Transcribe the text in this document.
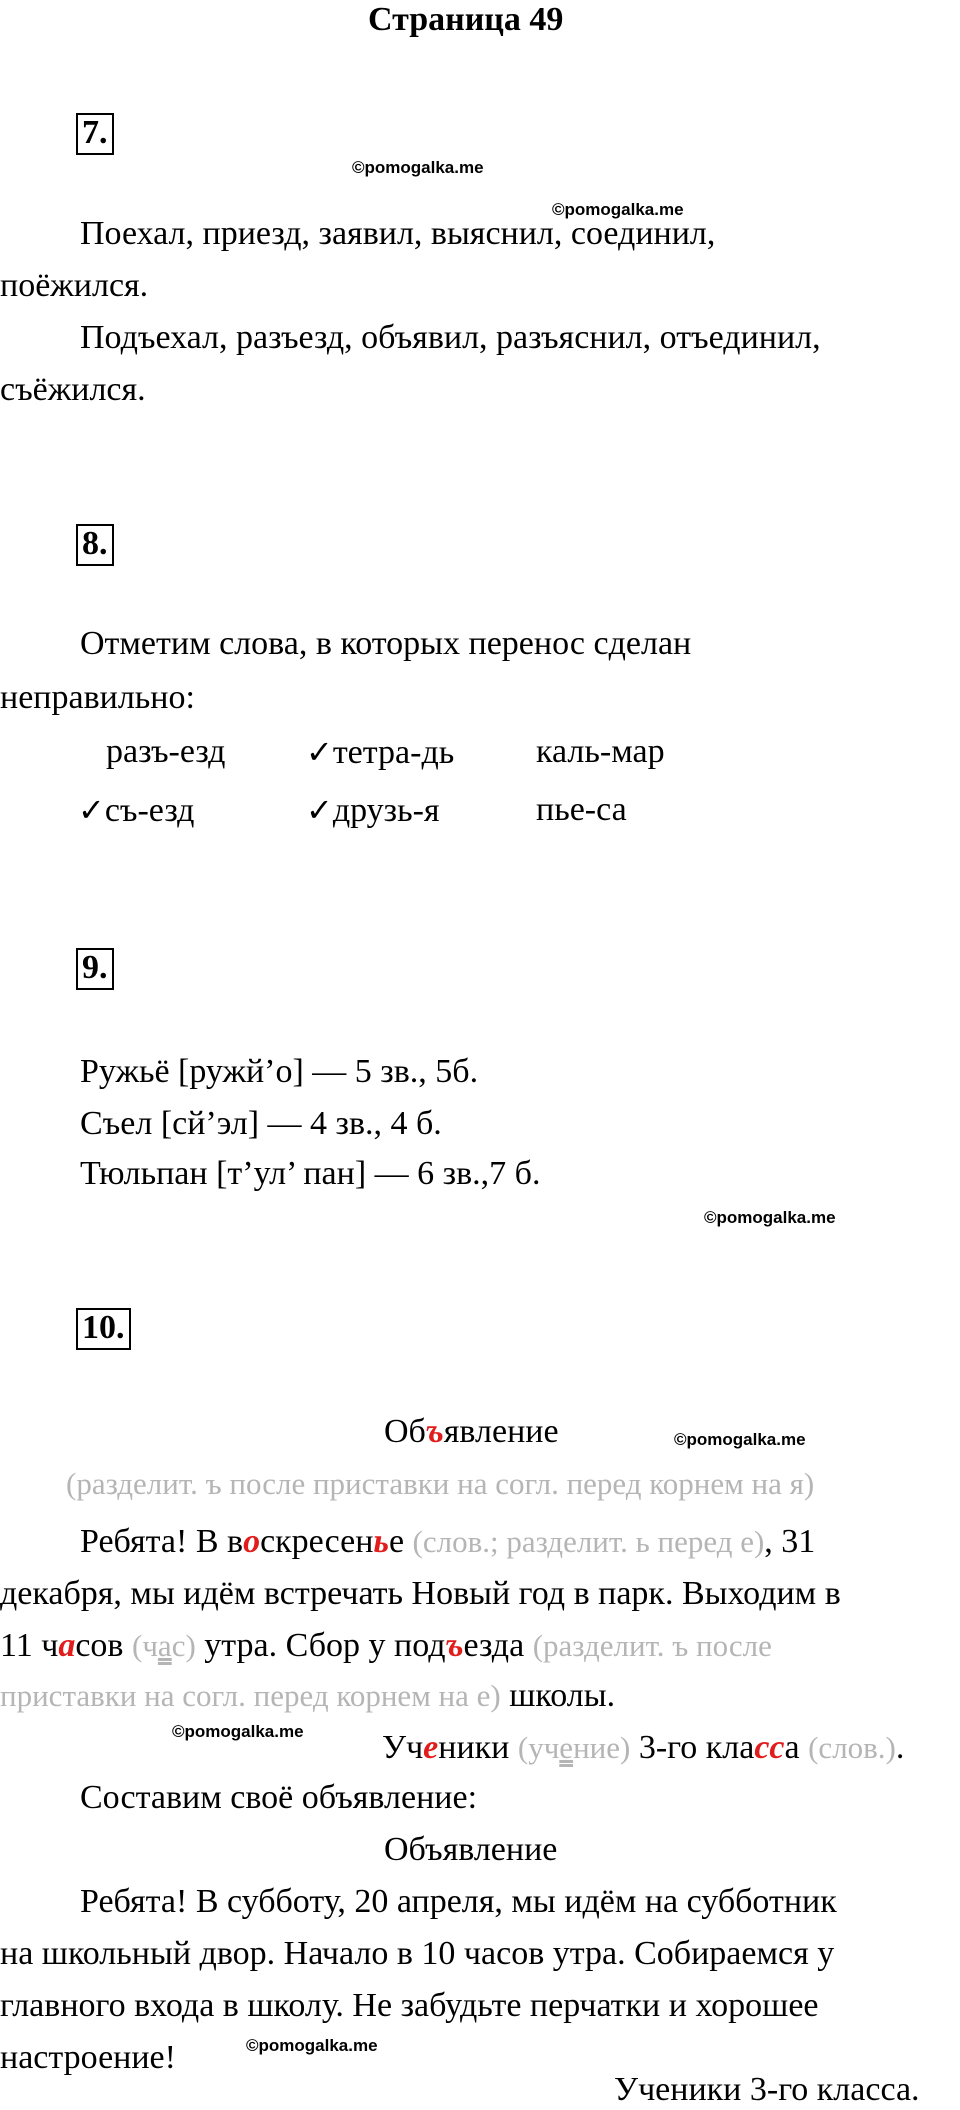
Страница 49
7.
©pomogalka.me
©pomogalka.me
Поехал, приезд, заявил, выяснил, соединил,
поёжился.
Подъехал, разъезд, объявил, разъяснил, отъединил,
съёжился.
8.
Отметим слова, в которых перенос сделан
неправильно:
разъ-езд	✓тетра-дь каль-мар
✓съ-езд	✓друзь-я	пье-са
9.
Ружьё [ружй’о] — 5 зв., 5б.
Съел [сй’эл] — 4 зв., 4 б.
Тюльпан [т’ул’ пан] — 6 зв.,7 б.
©pomogalka.me
10.
Объявление	©pomogalka.me
(разделит. ъ после приставки на согл. перед корнем на я)
Ребята! В воскресенье (слов.; разделит. ь перед е), 31
декабря, мы идём встречать Новый год в парк. Выходим в
11 часов (час) утра. Сбор у подъезда (разделит. ъ после
приставки на согл. перед корнем на е) школы.
©pomogalka.me Ученики (учение) 3-го класса (слов.).
Составим своё объявление:
Объявление
Ребята! В субботу, 20 апреля, мы идём на субботник
на школьный двор. Начало в 10 часов утра. Собираемся у
главного входа в школу. Не забудьте перчатки и хорошее
настроение!	©pomogalka.me
Ученики 3-го класса.
